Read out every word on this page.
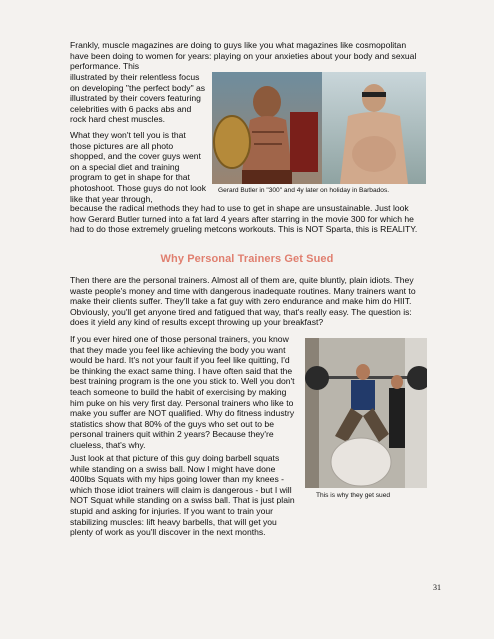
Frankly, muscle magazines are doing to guys like you what magazines like cosmopolitan have been doing to women for years: playing on your anxieties about your body and sexual performance. This

illustrated by their relentless focus on developing "the perfect body" as illustrated by their covers featuring celebrities with 6 packs abs and rock hard chest muscles.

What they won't tell you is that those pictures are all photo shopped, and the cover guys went on a special diet and training program to get in shape for that photoshoot. Those guys do not look like that year through,

Gerard Butler in "300" and 4y later on holiday in Barbados.

because the radical methods they had to use to get in shape are unsustainable. Just look how Gerard Butler turned into a fat lard 4 years after starring in the movie 300 for which he had to do those extremely grueling metcons workouts. This is NOT Sparta, this is REALITY.

Why Personal Trainers Get Sued

Then there are the personal trainers. Almost all of them are, quite bluntly, plain idiots. They waste people's money and time with dangerous inadequate routines. Many trainers want to make their clients suffer. They'll take a fat guy with zero endurance and make him do HIIT. Obviously, you'll get anyone tired and fatigued that way, that's really easy. The question is: does it yield any kind of results except throwing up your breakfast?

If you ever hired one of those personal trainers, you know that they made you feel like achieving the body you want would be hard. It's not your fault if you feel like quitting, I'd be thinking the exact same thing. I have often said that the best training program is the one you stick to. Well you don't teach someone to build the habit of exercising by making him puke on his very first day. Personal trainers who like to make you suffer are NOT qualified. Why do fitness industry statistics show that 80% of the guys who set out to be personal trainers quit within 2 years? Because they're clueless, that's why.

Just look at that picture of this guy doing barbell squats while standing on a swiss ball. Now I might have done 400lbs Squats with my hips going lower than my knees - which those idiot trainers will claim is dangerous - but I will NOT Squat while standing on a swiss ball. That is just plain stupid and asking for injuries. If you want to train your stabilizing muscles: lift heavy barbells, that will get you plenty of work as you'll discover in the next months.

This is why they get sued
31
